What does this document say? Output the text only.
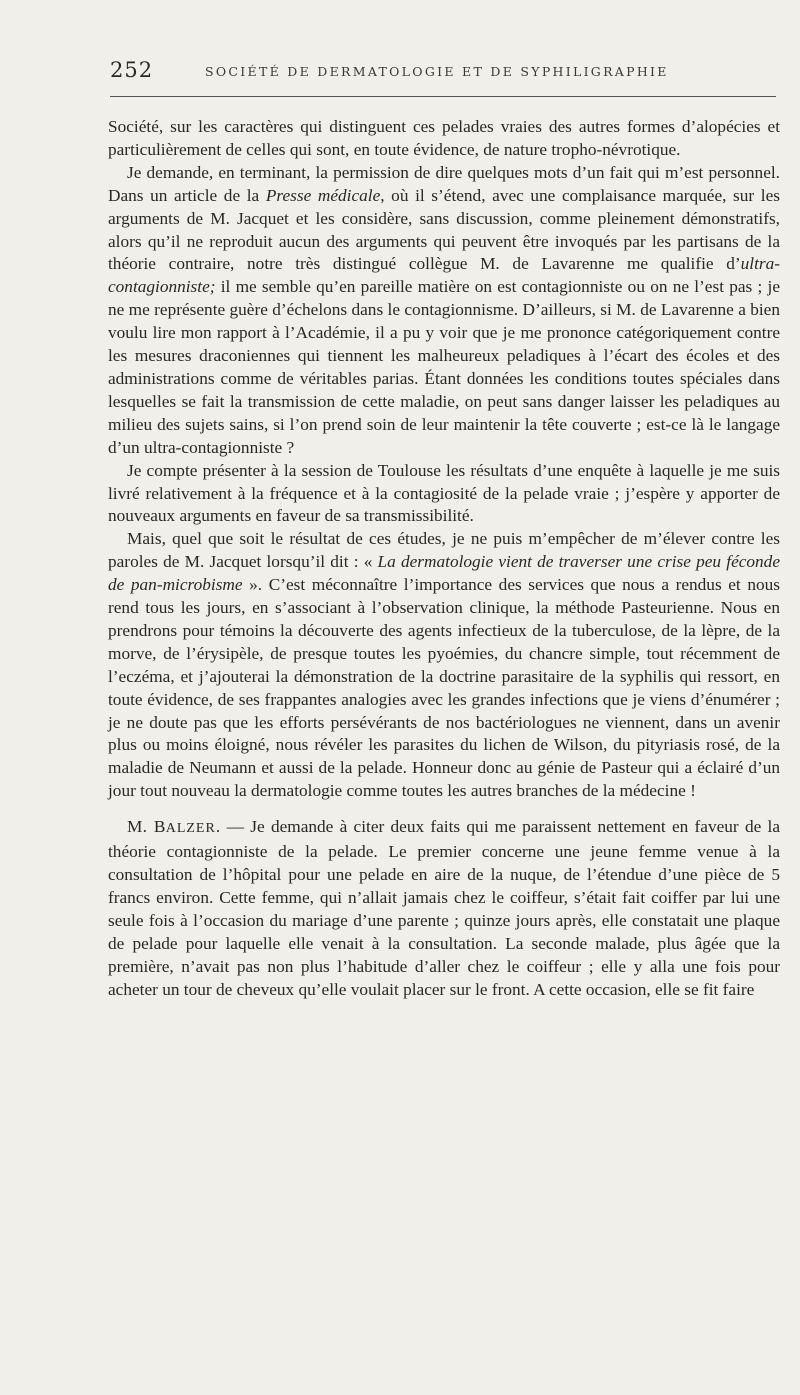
252	SOCIÉTÉ DE DERMATOLOGIE ET DE SYPHILIGRAPHIE

Société, sur les caractères qui distinguent ces pelades vraies des autres formes d’alopécies et particulièrement de celles qui sont, en toute évidence, de nature tropho-névrotique.

Je demande, en terminant, la permission de dire quelques mots d’un fait qui m’est personnel. Dans un article de la Presse médicale, où il s’étend, avec une complaisance marquée, sur les arguments de M. Jacquet et les considère, sans discussion, comme pleinement démonstratifs, alors qu’il ne reproduit aucun des arguments qui peuvent être invoqués par les partisans de la théorie contraire, notre très distingué collègue M. de Lavarenne me qualifie d’ultra-contagionniste; il me semble qu’en pareille matière on est contagionniste ou on ne l’est pas ; je ne me représente guère d’échelons dans le contagionnisme. D’ailleurs, si M. de Lavarenne a bien voulu lire mon rapport à l’Académie, il a pu y voir que je me prononce catégoriquement contre les mesures draconiennes qui tiennent les malheureux peladiques à l’écart des écoles et des administrations comme de véritables parias. Étant données les conditions toutes spéciales dans lesquelles se fait la transmission de cette maladie, on peut sans danger laisser les peladiques au milieu des sujets sains, si l’on prend soin de leur maintenir la tête couverte ; est-ce là le langage d’un ultra-contagionniste ?

Je compte présenter à la session de Toulouse les résultats d’une enquête à laquelle je me suis livré relativement à la fréquence et à la contagiosité de la pelade vraie ; j’espère y apporter de nouveaux arguments en faveur de sa transmissibilité.

Mais, quel que soit le résultat de ces études, je ne puis m’empêcher de m’élever contre les paroles de M. Jacquet lorsqu’il dit : « La dermatologie vient de traverser une crise peu féconde de pan-microbisme ». C’est méconnaître l’importance des services que nous a rendus et nous rend tous les jours, en s’associant à l’observation clinique, la méthode Pasteurienne. Nous en prendrons pour témoins la découverte des agents infectieux de la tuberculose, de la lèpre, de la morve, de l’érysipèle, de presque toutes les pyoémies, du chancre simple, tout récemment de l’eczéma, et j’ajouterai la démonstration de la doctrine parasitaire de la syphilis qui ressort, en toute évidence, de ses frappantes analogies avec les grandes infections que je viens d’énumérer ; je ne doute pas que les efforts persévérants de nos bactériologues ne viennent, dans un avenir plus ou moins éloigné, nous révéler les parasites du lichen de Wilson, du pityriasis rosé, de la maladie de Neumann et aussi de la pelade. Honneur donc au génie de Pasteur qui a éclairé d’un jour tout nouveau la dermatologie comme toutes les autres branches de la médecine !

M. BALZER. — Je demande à citer deux faits qui me paraissent nettement en faveur de la théorie contagionniste de la pelade. Le premier concerne une jeune femme venue à la consultation de l’hôpital pour une pelade en aire de la nuque, de l’étendue d’une pièce de 5 francs environ. Cette femme, qui n’allait jamais chez le coiffeur, s’était fait coiffer par lui une seule fois à l’occasion du mariage d’une parente ; quinze jours après, elle constatait une plaque de pelade pour laquelle elle venait à la consultation. La seconde malade, plus âgée que la première, n’avait pas non plus l’habitude d’aller chez le coiffeur ; elle y alla une fois pour acheter un tour de cheveux qu’elle voulait placer sur le front. A cette occasion, elle se fit faire
